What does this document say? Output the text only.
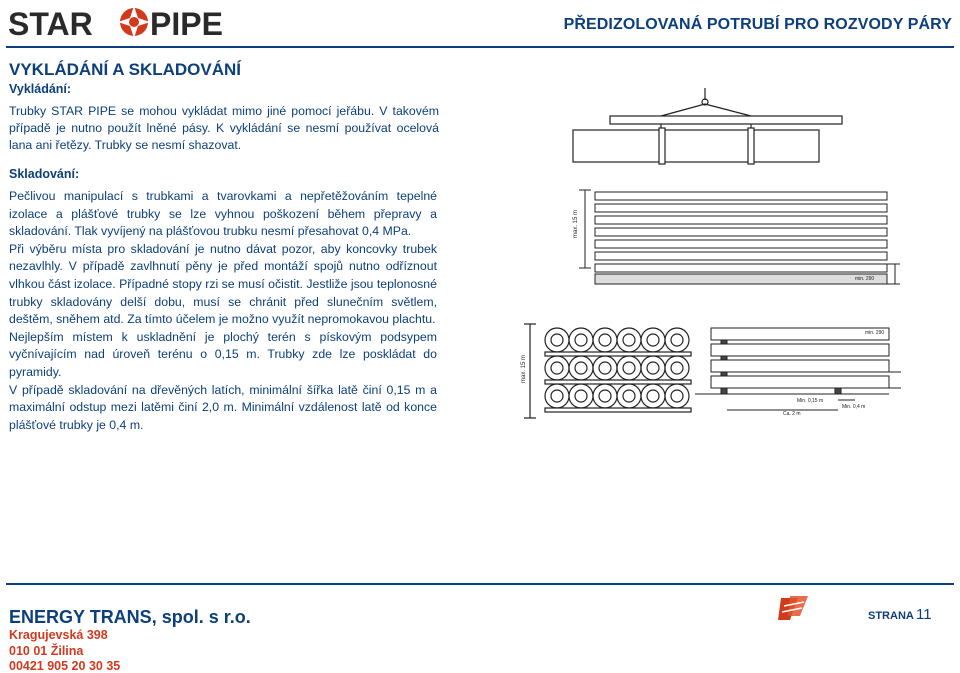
STAR PIPE	PŘEDIZOLOVANÁ POTRUBÍ PRO ROZVODY PÁRY
VYKLÁDÁNÍ A SKLADOVÁNÍ
Vykládání:
Trubky STAR PIPE se mohou vykládat mimo jiné pomocí jeřábu. V takovém případě je nutno použít lněné pásy. K vykládání se nesmí používat ocelová lana ani řetězy. Trubky se nesmí shazovat.
Skladování:

Pečlivou manipulací s trubkami a tvarovkami a nepřetěžováním tepelné izolace a plášťové trubky se lze vyhnou poškození během přepravy a skladování. Tlak vyvíjený na plášťovou trubku nesmí přesahovat 0,4 MPa.

Při výběru místa pro skladování je nutno dávat pozor, aby koncovky trubek nezavlhly. V případě zavlhnutí pěny je před montáží spojů nutno odříznout vlhkou část izolace. Případné stopy rzi se musí očistit. Jestliže jsou teplonosné trubky skladovány delší dobu, musí se chránit před slunečním světlem, deštěm, sněhem atd. Za tímto účelem je možno využít nepromokavou plachtu.

Nejlepším místem k uskladnění je plochý terén s pískovým podsypem vyčnívajícím nad úroveň terénu o 0,15 m. Trubky zde lze poskládat do pyramidy.

V případě skladování na dřevěných latích, minimální šířka latě činí 0,15 m a maximální odstup mezi latěmi činí 2,0 m. Minimální vzdálenost latě od konce plášťové trubky je 0,4 m.

max. 15 m
min. 290
max. 15 m
min. 290
Min. 0,15 m
Min. 0,4 m
Ca. 2 m
ENERGY TRANS, spol. s r.o.
Kragujevská 398
010 01 Žilina
00421 905 20 30 35
STRANA 11
